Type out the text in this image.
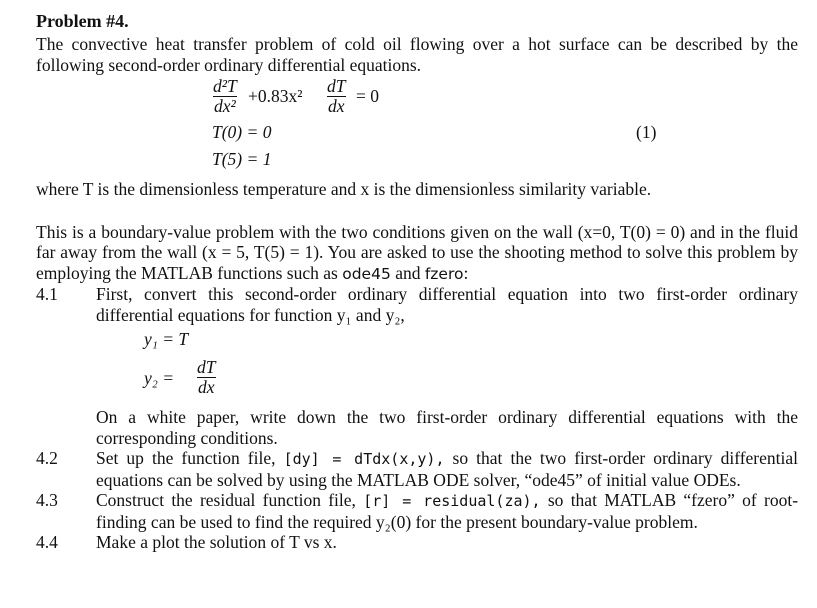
Problem #4.

The convective heat transfer problem of cold oil flowing over a hot surface can be described by the following second-order ordinary differential equations.

$\frac{\text{d²T}}{\text{dx²}} +0.83x^2 \frac{dT}{dx} = 0$
T(0) = 0	(1)
T(5) = 1

where T is the dimensionless temperature and x is the dimensionless similarity variable.

This is a boundary-value problem with the two conditions given on the wall (x=0, T(0) = 0) and in the fluid far away from the wall (x = 5, T(5) = 1). You are asked to use the shooting method to solve this problem by employing the MATLAB functions such as ode45 and fzero:

4.1 First, convert this second-order ordinary differential equation into two first-order ordinary differential equations for function y₁ and y₂,
y₁ = T
$y_2 = \frac{dT}{dx}$
On a white paper, write down the two first-order ordinary differential equations with the corresponding conditions.
4.2 Set up the function file, [dy] = dTdx(x,y), so that the two first-order ordinary differential equations can be solved by using the MATLAB ODE solver, “ode45” of initial value ODEs.
4.3 Construct the residual function file, [r] = residual(za), so that MATLAB “fzero” of root-finding can be used to find the required y₂(0) for the present boundary-value problem.
4.4 Make a plot the solution of T vs x.
